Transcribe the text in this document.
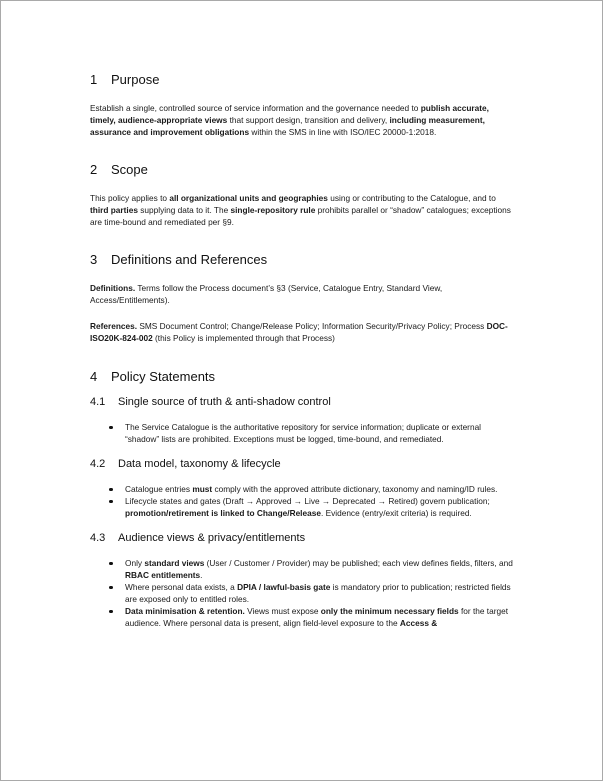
1	Purpose

Establish a single, controlled source of service information and the governance needed to publish accurate, timely, audience-appropriate views that support design, transition and delivery, including measurement, assurance and improvement obligations within the SMS in line with ISO/IEC 20000-1:2018.

2	Scope

This policy applies to all organizational units and geographies using or contributing to the Catalogue, and to third parties supplying data to it. The single-repository rule prohibits parallel or “shadow” catalogues; exceptions are time-bound and remediated per §9.

3	Definitions and References

Definitions. Terms follow the Process document’s §3 (Service, Catalogue Entry, Standard View, Access/Entitlements).

References. SMS Document Control; Change/Release Policy; Information Security/Privacy Policy; Process DOC-ISO20K-824-002 (this Policy is implemented through that Process)

4	Policy Statements
4.1	Single source of truth & anti-shadow control
The Service Catalogue is the authoritative repository for service information; duplicate or external “shadow” lists are prohibited. Exceptions must be logged, time-bound, and remediated.
4.2	Data model, taxonomy & lifecycle
Catalogue entries must comply with the approved attribute dictionary, taxonomy and naming/ID rules.
Lifecycle states and gates (Draft → Approved → Live → Deprecated → Retired) govern publication; promotion/retirement is linked to Change/Release. Evidence (entry/exit criteria) is required.
4.3	Audience views & privacy/entitlements
Only standard views (User / Customer / Provider) may be published; each view defines fields, filters, and RBAC entitlements.
Where personal data exists, a DPIA / lawful-basis gate is mandatory prior to publication; restricted fields are exposed only to entitled roles.
Data minimisation & retention. Views must expose only the minimum necessary fields for the target audience. Where personal data is present, align field-level exposure to the Access &
